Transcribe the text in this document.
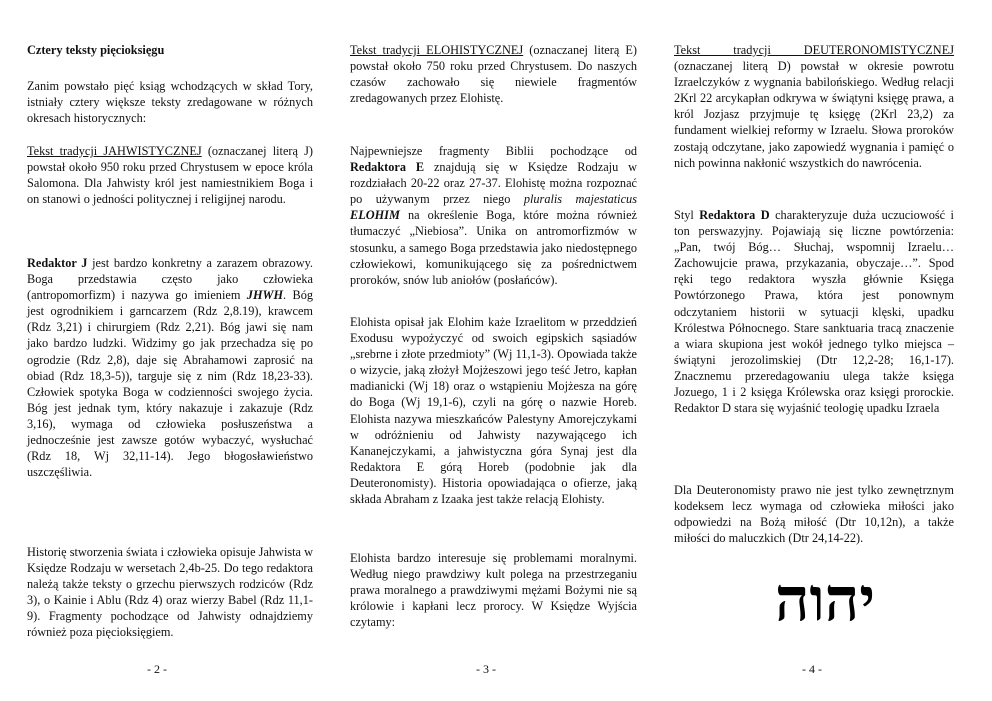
Cztery teksty pięcioksięgu
Zanim powstało pięć ksiąg wchodzących w skład Tory, istniały cztery większe teksty zredagowane w różnych okresach historycznych:
Tekst tradycji JAHWISTYCZNEJ (oznaczanej literą J) powstał około 950 roku przed Chrystusem w epoce króla Salomona. Dla Jahwisty król jest namiestnikiem Boga i on stanowi o jedności politycznej i religijnej narodu.
Redaktor J jest bardzo konkretny a zarazem obrazowy. Boga przedstawia często jako człowieka (antropomorfizm) i nazywa go imieniem JHWH. Bóg jest ogrodnikiem i garncarzem (Rdz 2,8.19), krawcem (Rdz 3,21) i chirurgiem (Rdz 2,21). Bóg jawi się nam jako bardzo ludzki. Widzimy go jak przechadza się po ogrodzie (Rdz 2,8), daje się Abrahamowi zaprosić na obiad (Rdz 18,3-5)), targuje się z nim (Rdz 18,23-33). Człowiek spotyka Boga w codzienności swojego życia. Bóg jest jednak tym, który nakazuje i zakazuje (Rdz 3,16), wymaga od człowieka posłuszeństwa a jednocześnie jest zawsze gotów wybaczyć, wysłuchać (Rdz 18, Wj 32,11-14). Jego błogosławieństwo uszczęśliwia.
Historię stworzenia świata i człowieka opisuje Jahwista w Księdze Rodzaju w wersetach 2,4b-25. Do tego redaktora należą także teksty o grzechu pierwszych rodziców (Rdz 3), o Kainie i Ablu (Rdz 4) oraz wierzy Babel (Rdz 11,1-9). Fragmenty pochodzące od Jahwisty odnajdziemy również poza pięcioksięgiem.
- 2 -
Tekst tradycji ELOHISTYCZNEJ (oznaczanej literą E) powstał około 750 roku przed Chrystusem. Do naszych czasów zachowało się niewiele fragmentów zredagowanych przez Elohistę.
Najpewniejsze fragmenty Biblii pochodzące od Redaktora E znajdują się w Księdze Rodzaju w rozdziałach 20-22 oraz 27-37. Elohistę można rozpoznać po używanym przez niego pluralis majestaticus ELOHIM na określenie Boga, które można również tłumaczyć „Niebiosa”. Unika on antromorfizmów w stosunku, a samego Boga przedstawia jako niedostępnego człowiekowi, komunikującego się za pośrednictwem proroków, snów lub aniołów (posłańców).
Elohista opisał jak Elohim każe Izraelitom w przeddzień Exodusu wypożyczyć od swoich egipskich sąsiadów „srebrne i złote przedmioty” (Wj 11,1-3). Opowiada także o wizycie, jaką złożył Mojżeszowi jego teść Jetro, kapłan madianicki (Wj 18) oraz o wstąpieniu Mojżesza na górę do Boga (Wj 19,1-6), czyli na górę o nazwie Horeb. Elohista nazywa mieszkańców Palestyny Amorejczykami w odróżnieniu od Jahwisty nazywającego ich Kananejczykami, a jahwistyczna góra Synaj jest dla Redaktora E górą Horeb (podobnie jak dla Deuteronomisty). Historia opowiadająca o ofierze, jaką składa Abraham z Izaaka jest także relacją Elohisty.
Elohista bardzo interesuje się problemami moralnymi. Według niego prawdziwy kult polega na przestrzeganiu prawa moralnego a prawdziwymi mężami Bożymi nie są królowie i kapłani lecz prorocy. W Księdze Wyjścia czytamy:
- 3 -
Tekst tradycji DEUTERONOMISTYCZNEJ (oznaczanej literą D) powstał w okresie powrotu Izraelczyków z wygnania babilońskiego. Według relacji 2Krl 22 arcykapłan odkrywa w świątyni księgę prawa, a król Jozjasz przyjmuje tę księgę (2Krl 23,2) za fundament wielkiej reformy w Izraelu. Słowa proroków zostają odczytane, jako zapowiedź wygnania i pamięć o nich powinna nakłonić wszystkich do nawrócenia.
Styl Redaktora D charakteryzuje duża uczuciowość i ton perswazyjny. Pojawiają się liczne powtórzenia: „Pan, twój Bóg… Słuchaj, wspomnij Izraelu… Zachowujcie prawa, przykazania, obyczaje…”. Spod ręki tego redaktora wyszła głównie Księga Powtórzonego Prawa, która jest ponownym odczytaniem historii w sytuacji klęski, upadku Królestwa Północnego. Stare sanktuaria tracą znaczenie a wiara skupiona jest wokół jednego tylko miejsca – świątyni jerozolimskiej (Dtr 12,2-28; 16,1-17). Znacznemu przeredagowaniu ulega także księga Jozuego, 1 i 2 księga Królewska oraz księgi prorockie. Redaktor D stara się wyjaśnić teologię upadku Izraela
Dla Deuteronomisty prawo nie jest tylko zewnętrznym kodeksem lecz wymaga od człowieka miłości jako odpowiedzi na Bożą miłość (Dtr 10,12n), a także miłości do maluczkich (Dtr 24,14-22).
יהוה
- 4 -
